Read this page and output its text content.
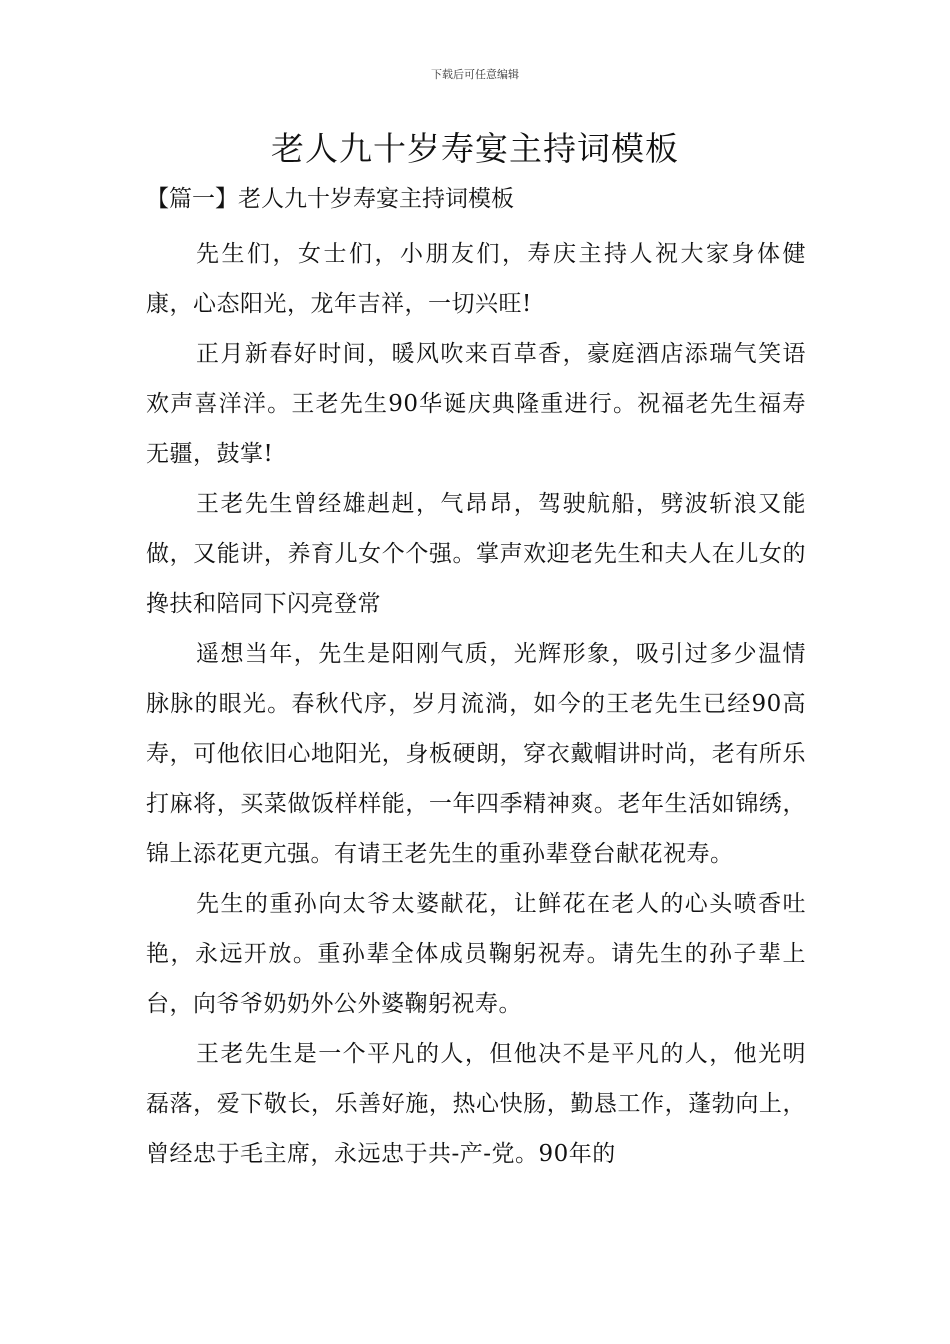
下载后可任意编辑
老人九十岁寿宴主持词模板
【篇一】老人九十岁寿宴主持词模板

先生们，女士们，小朋友们，寿庆主持人祝大家身体健康，心态阳光，龙年吉祥，一切兴旺!

正月新春好时间，暖风吹来百草香，豪庭酒店添瑞气笑语欢声喜洋洋。王老先生90华诞庆典隆重进行。祝福老先生福寿无疆，鼓掌!

王老先生曾经雄赳赳，气昂昂，驾驶航船，劈波斩浪又能做，又能讲，养育儿女个个强。掌声欢迎老先生和夫人在儿女的搀扶和陪同下闪亮登常

遥想当年，先生是阳刚气质，光辉形象，吸引过多少温情脉脉的眼光。春秋代序，岁月流淌，如今的王老先生已经90高寿，可他依旧心地阳光，身板硬朗，穿衣戴帽讲时尚，老有所乐打麻将，买菜做饭样样能，一年四季精神爽。老年生活如锦绣，锦上添花更亢强。有请王老先生的重孙辈登台献花祝寿。

先生的重孙向太爷太婆献花，让鲜花在老人的心头喷香吐艳，永远开放。重孙辈全体成员鞠躬祝寿。请先生的孙子辈上台，向爷爷奶奶外公外婆鞠躬祝寿。

王老先生是一个平凡的人，但他决不是平凡的人，他光明磊落，爱下敬长，乐善好施，热心快肠，勤恳工作，蓬勃向上，曾经忠于毛主席，永远忠于共-产-党。90年的
